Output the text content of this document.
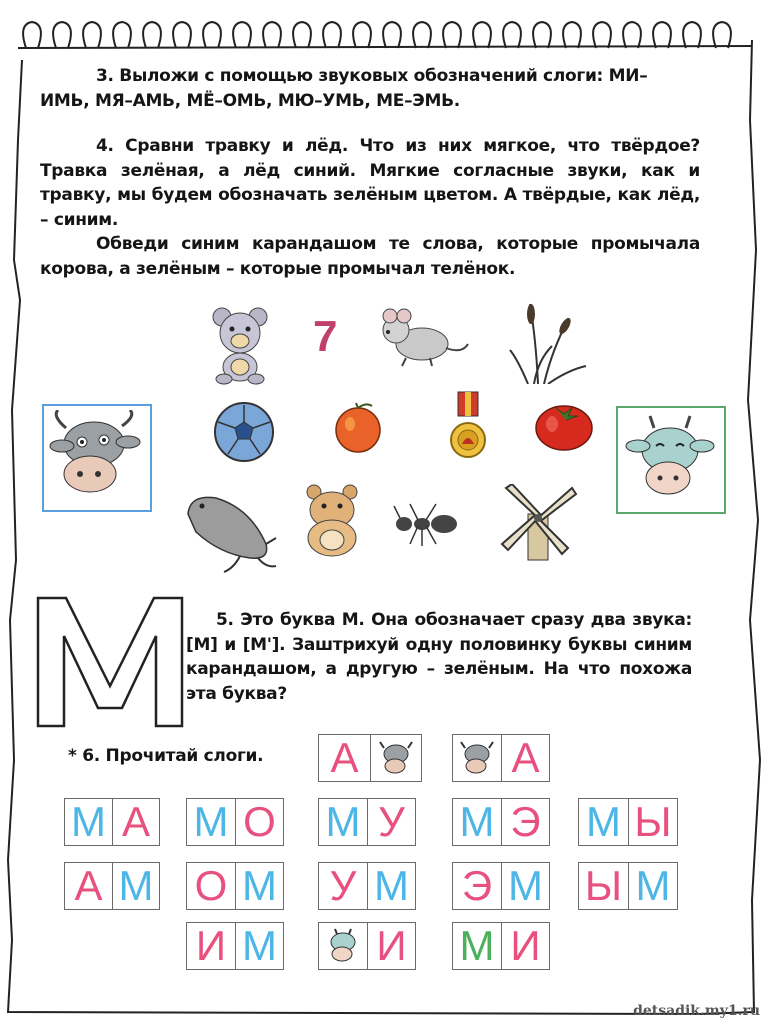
3. Выложи с помощью звуковых обозначений слоги: МИ–
ИМЬ, МЯ–АМЬ, МЁ–ОМЬ, МЮ–УМЬ, МЕ–ЭМЬ.

4. Сравни травку и лёд. Что из них мягкое, что твёрдое? Травка зелёная, а лёд синий. Мягкие согласные звуки, как и травку, мы будем обозначать зелёным цветом. А твёрдые, как лёд, – синим.

Обведи синим карандашом те слова, которые промычала корова, а зелёным – которые промычал телёнок.

7

5. Это буква М. Она обозначает сразу два звука: [М] и [М']. Заштрихуй одну половинку буквы синим карандашом, а другую – зелёным. На что похожа эта буква?

* 6. Прочитай слоги. А	А
М А М О М У М Э М Ы
А М О М У М Э М Ы М
И М И М И
detsadik.my1.ru
